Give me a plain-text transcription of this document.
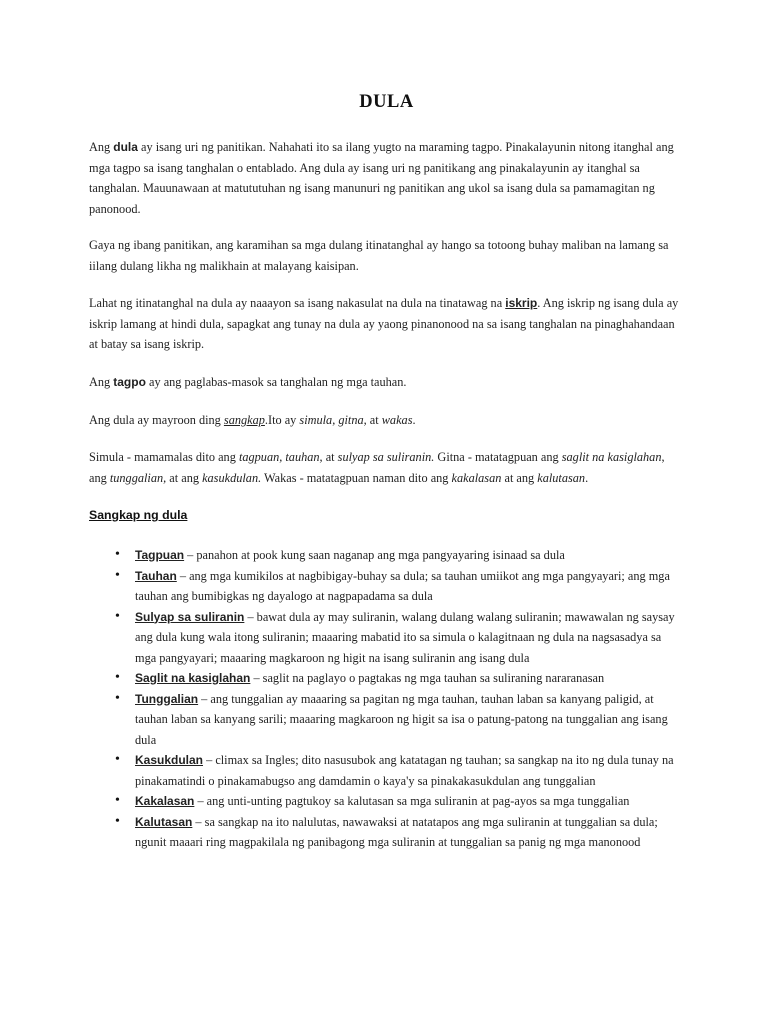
DULA

Ang dula ay isang uri ng panitikan. Nahahati ito sa ilang yugto na maraming tagpo. Pinakalayunin nitong itanghal ang mga tagpo sa isang tanghalan o entablado. Ang dula ay isang uri ng panitikang ang pinakalayunin ay itanghal sa tanghalan. Mauunawaan at matututuhan ng isang manunuri ng panitikan ang ukol sa isang dula sa pamamagitan ng panonood.

Gaya ng ibang panitikan, ang karamihan sa mga dulang itinatanghal ay hango sa totoong buhay maliban na lamang sa iilang dulang likha ng malikhain at malayang kaisipan.

Lahat ng itinatanghal na dula ay naaayon sa isang nakasulat na dula na tinatawag na iskrip. Ang iskrip ng isang dula ay iskrip lamang at hindi dula, sapagkat ang tunay na dula ay yaong pinanonood na sa isang tanghalan na pinaghahandaan at batay sa isang iskrip.

Ang tagpo ay ang paglabas-masok sa tanghalan ng mga tauhan.

Ang dula ay mayroon ding sangkap.Ito ay simula, gitna, at wakas.

Simula - mamamalas dito ang tagpuan, tauhan, at sulyap sa suliranin. Gitna - matatagpuan ang saglit na kasiglahan, ang tunggalian, at ang kasukdulan. Wakas - matatagpuan naman dito ang kakalasan at ang kalutasan.

Sangkap ng dula
• Tagpuan – panahon at pook kung saan naganap ang mga pangyayaring isinaad sa dula
• Tauhan – ang mga kumikilos at nagbibigay-buhay sa dula; sa tauhan umiikot ang mga pangyayari; ang mga tauhan ang bumibigkas ng dayalogo at nagpapadama sa dula
• Sulyap sa suliranin – bawat dula ay may suliranin, walang dulang walang suliranin; mawawalan ng saysay ang dula kung wala itong suliranin; maaaring mabatid ito sa simula o kalagitnaan ng dula na nagsasadya sa mga pangyayari; maaaring magkaroon ng higit na isang suliranin ang isang dula
• Saglit na kasiglahan – saglit na paglayo o pagtakas ng mga tauhan sa suliraning nararanasan
• Tunggalian – ang tunggalian ay maaaring sa pagitan ng mga tauhan, tauhan laban sa kanyang paligid, at tauhan laban sa kanyang sarili; maaaring magkaroon ng higit sa isa o patung-patong na tunggalian ang isang dula
• Kasukdulan – climax sa Ingles; dito nasusubok ang katatagan ng tauhan; sa sangkap na ito ng dula tunay na pinakamatindi o pinakamabugso ang damdamin o kaya'y sa pinakakasukdulan ang tunggalian
• Kakalasan – ang unti-unting pagtukoy sa kalutasan sa mga suliranin at pag-ayos sa mga tunggalian
• Kalutasan – sa sangkap na ito nalulutas, nawawaksi at natatapos ang mga suliranin at tunggalian sa dula; ngunit maaari ring magpakilala ng panibagong mga suliranin at tunggalian sa panig ng mga manonood
